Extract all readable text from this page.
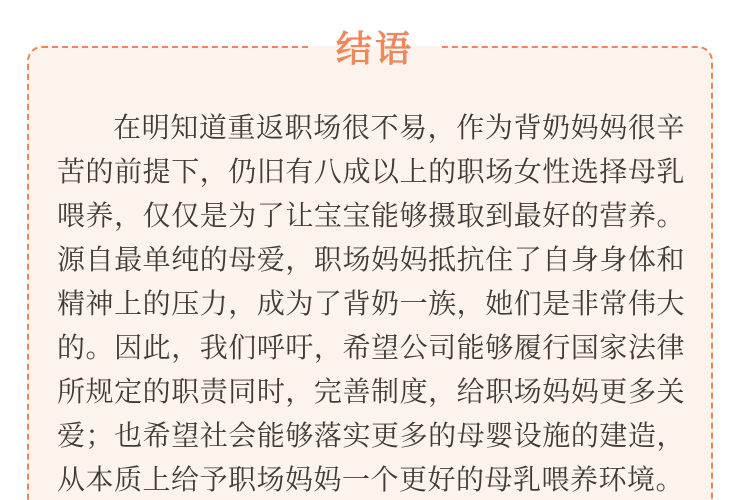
在明知道重返职场很不易，作为背奶妈妈很辛苦的前提下，仍旧有八成以上的职场女性选择母乳喂养，仅仅是为了让宝宝能够摄取到最好的营养。源自最单纯的母爱，职场妈妈抵抗住了自身身体和精神上的压力，成为了背奶一族，她们是非常伟大的。因此，我们呼吁，希望公司能够履行国家法律所规定的职责同时，完善制度，给职场妈妈更多关爱；也希望社会能够落实更多的母婴设施的建造，从本质上给予职场妈妈一个更好的母乳喂养环境。

结语
